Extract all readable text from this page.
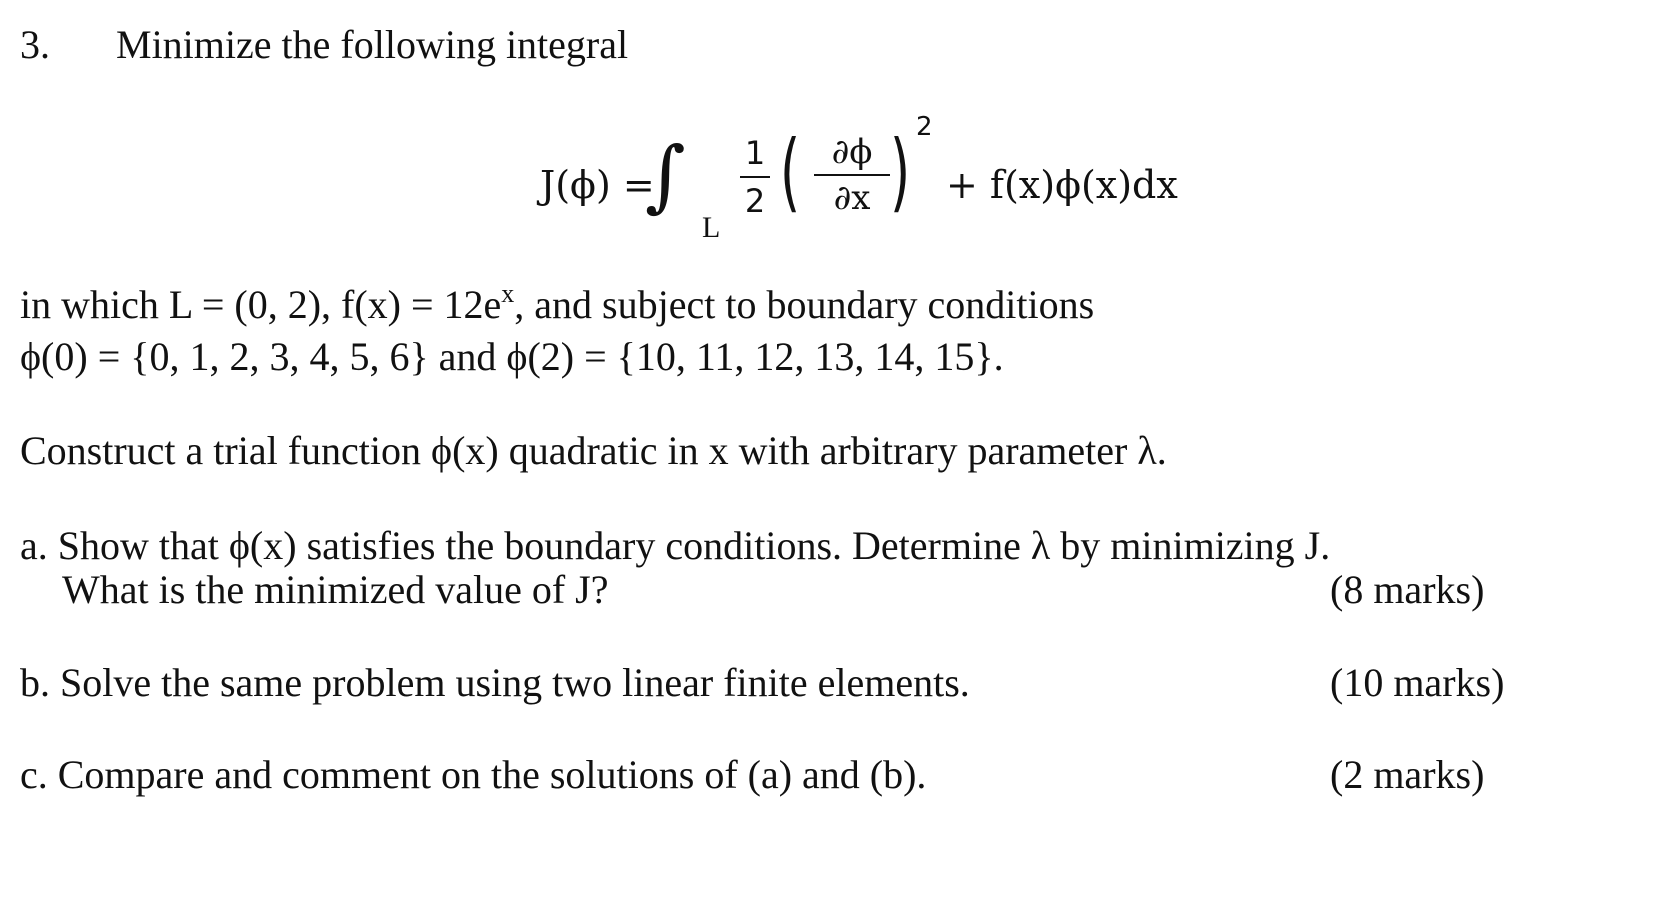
3. Minimize the following integral
J(ϕ) =
∫
L
1
2 ( ∂ϕ
∂x ) 2
+ f(x)ϕ(x)dx
in which L = (0, 2), $f(x) = 12e^x$, and subject to boundary conditions
ϕ(0) = {0, 1, 2, 3, 4, 5, 6} and ϕ(2) = {10, 11, 12, 13, 14, 15}.
Construct a trial function ϕ(x) quadratic in x with arbitrary parameter λ.
a. Show that ϕ(x) satisfies the boundary conditions. Determine λ by minimizing J.
What is the minimized value of J?	(8 marks)
b. Solve the same problem using two linear finite elements.	(10 marks)
c. Compare and comment on the solutions of (a) and (b).	(2 marks)
